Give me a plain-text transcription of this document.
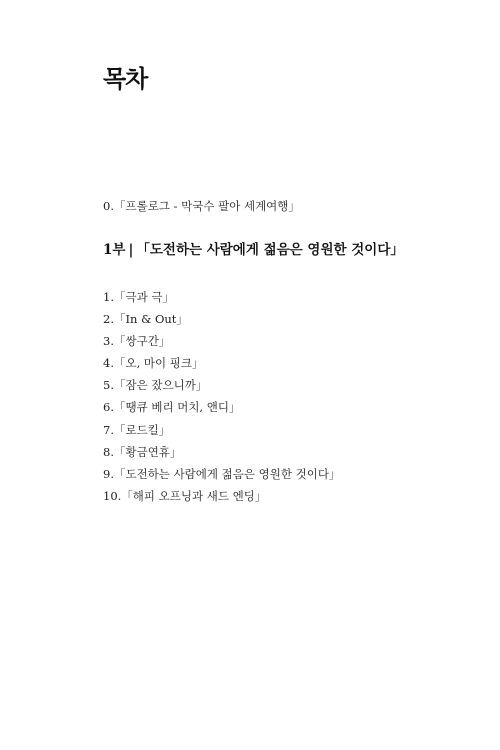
목차
0.「프롤로그 - 막국수 팔아 세계여행」
1부 | 「도전하는 사람에게 젊음은 영원한 것이다」
1.「극과 극」
2.「In & Out」
3.「쌍구간」
4.「오, 마이 핑크」
5.「잠은 잤으니까」
6.「땡큐 베리 머치, 앤디」
7.「로드킬」
8.「황금연휴」
9.「도전하는 사람에게 젊음은 영원한 것이다」
10.「해피 오프닝과 새드 엔딩」
